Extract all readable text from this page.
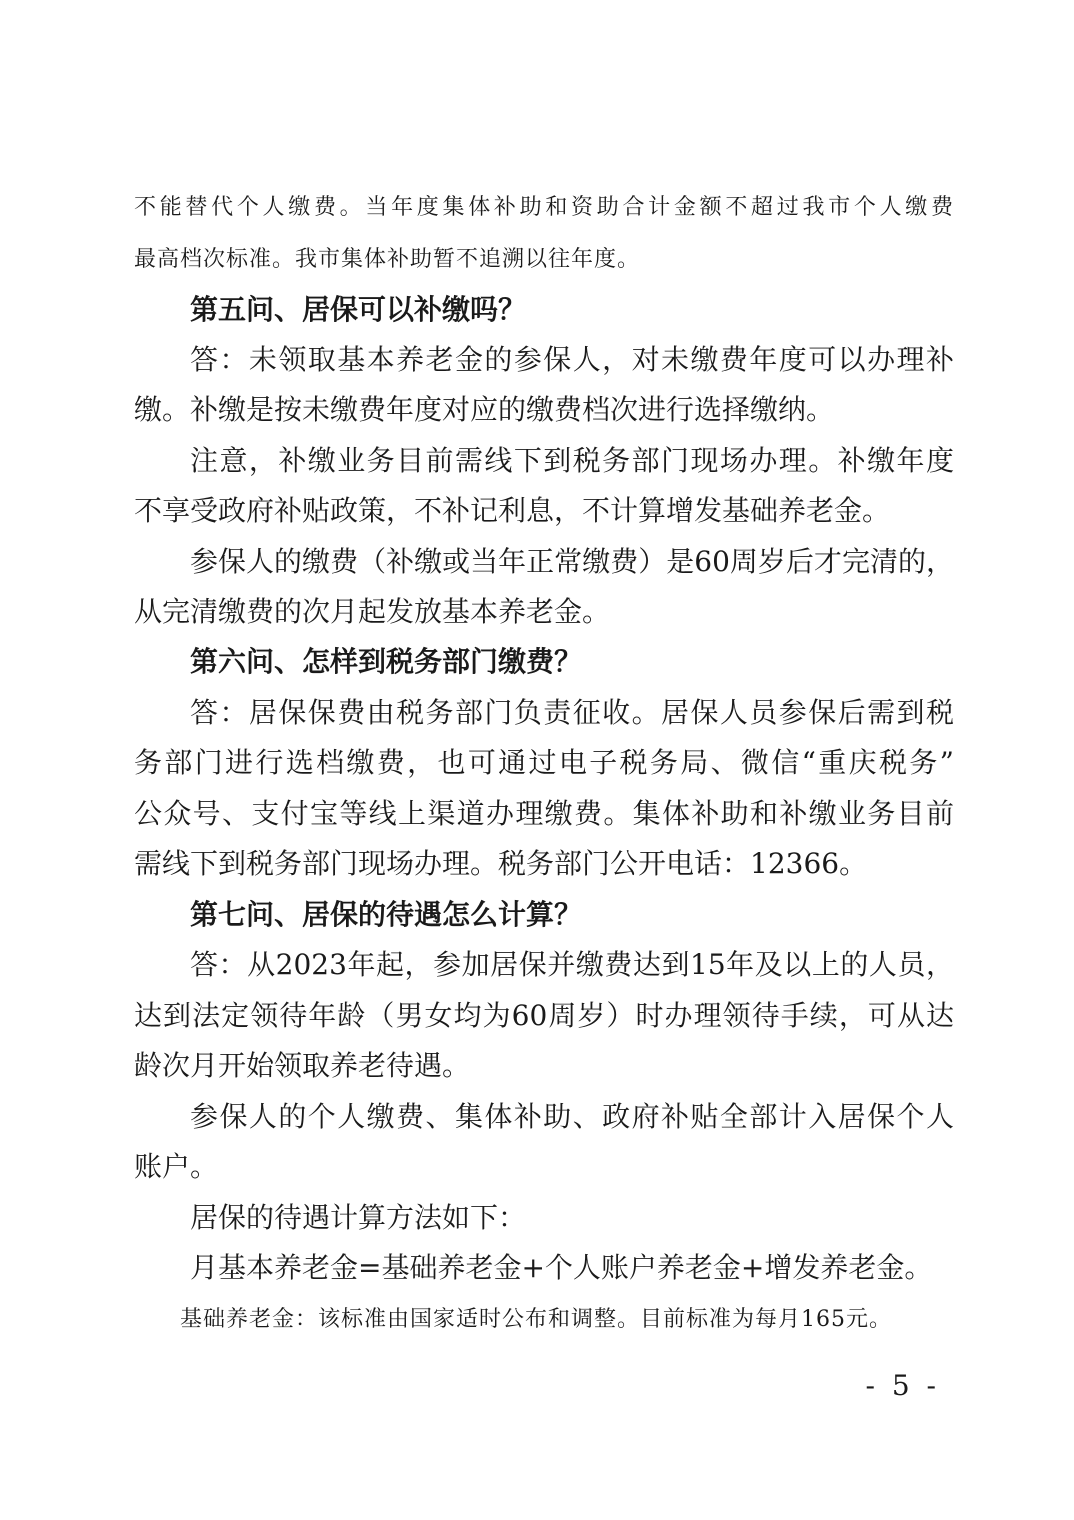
不能替代个人缴费。当年度集体补助和资助合计金额不超过我市个人缴费
最高档次标准。我市集体补助暂不追溯以往年度。
第五问、居保可以补缴吗？
答：未领取基本养老金的参保人，对未缴费年度可以办理补
缴。补缴是按未缴费年度对应的缴费档次进行选择缴纳。
注意，补缴业务目前需线下到税务部门现场办理。补缴年度
不享受政府补贴政策，不补记利息，不计算增发基础养老金。
参保人的缴费（补缴或当年正常缴费）是60周岁后才完清的，
从完清缴费的次月起发放基本养老金。
第六问、怎样到税务部门缴费？
答：居保保费由税务部门负责征收。居保人员参保后需到税
务部门进行选档缴费，也可通过电子税务局、微信“重庆税务”
公众号、支付宝等线上渠道办理缴费。集体补助和补缴业务目前
需线下到税务部门现场办理。税务部门公开电话：12366。
第七问、居保的待遇怎么计算？
答：从2023年起，参加居保并缴费达到15年及以上的人员，
达到法定领待年龄（男女均为60周岁）时办理领待手续，可从达
龄次月开始领取养老待遇。
参保人的个人缴费、集体补助、政府补贴全部计入居保个人
账户。
居保的待遇计算方法如下：
月基本养老金=基础养老金+个人账户养老金+增发养老金。
基础养老金：该标准由国家适时公布和调整。目前标准为每月165元。
- 5 -
